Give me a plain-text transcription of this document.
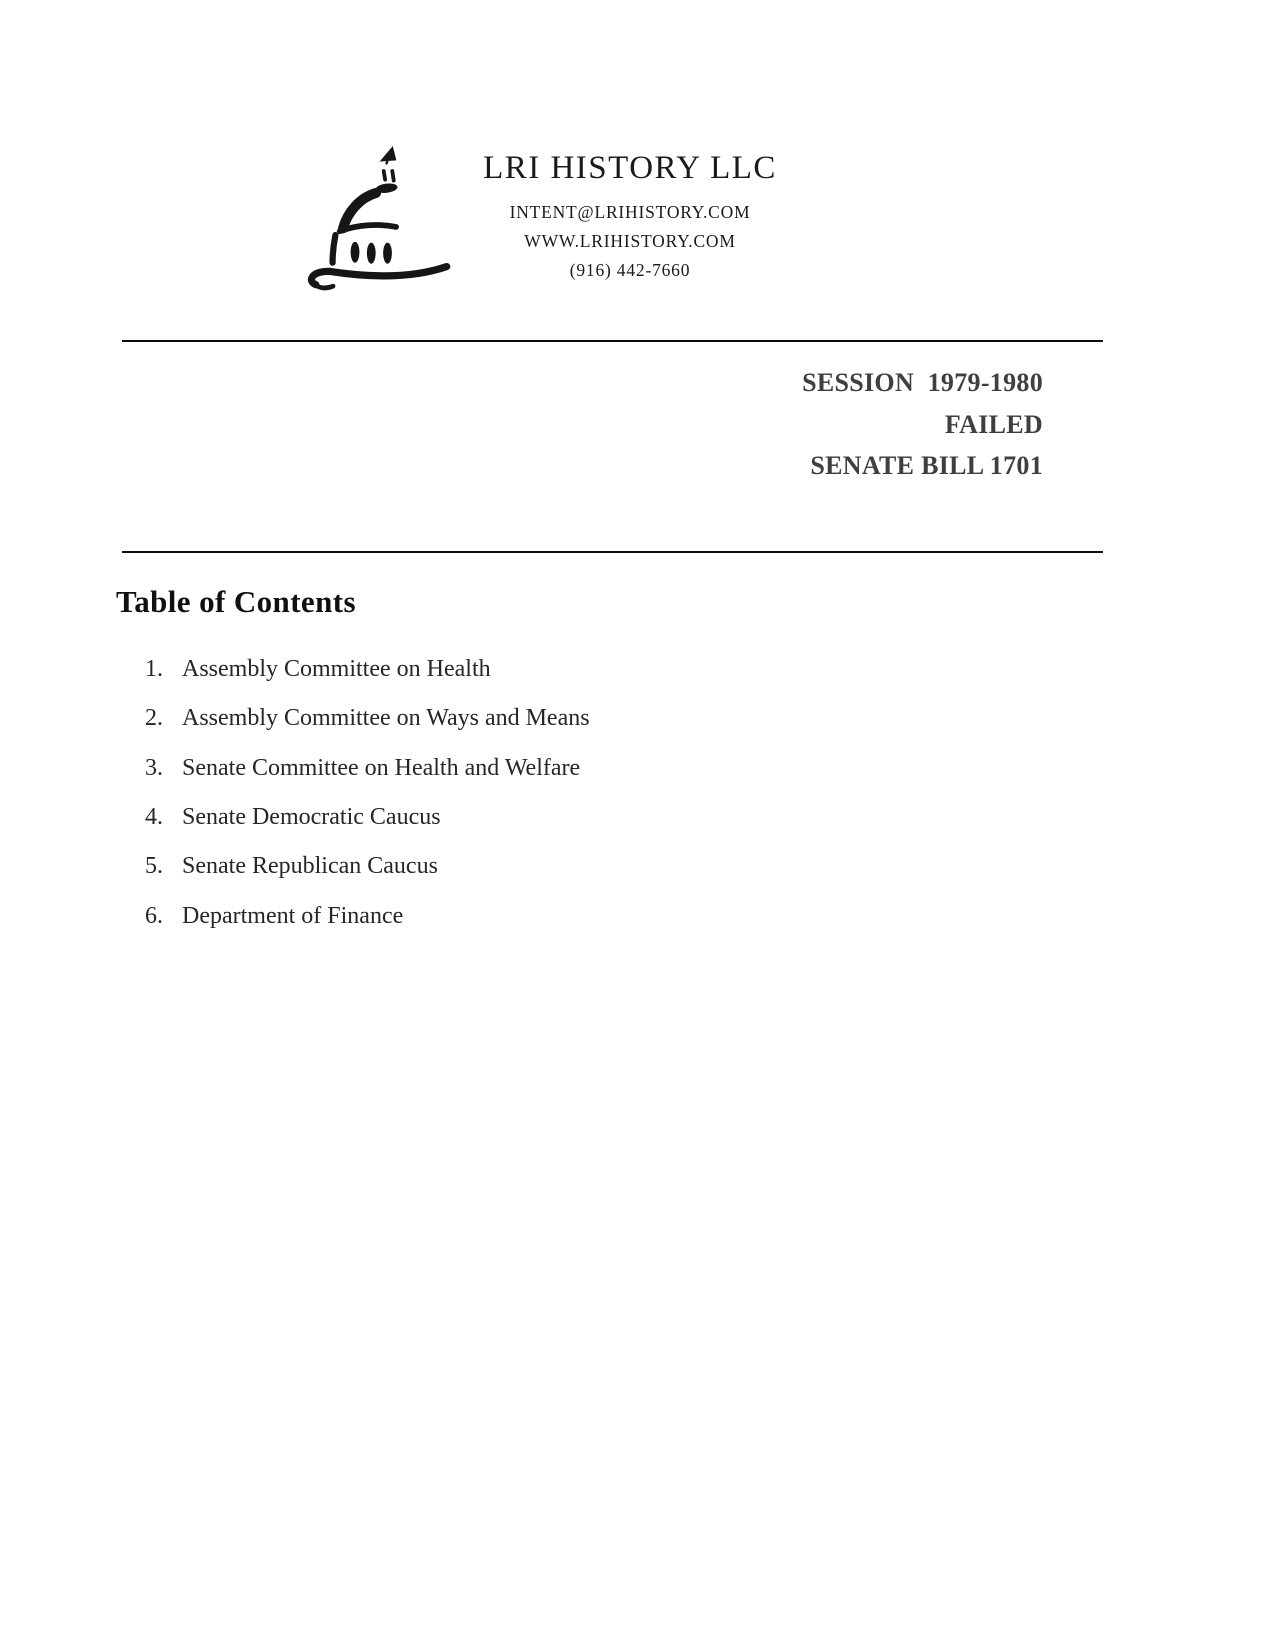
LRI HISTORY LLC
INTENT@LRIHISTORY.COM
WWW.LRIHISTORY.COM
(916) 442-7660
SESSION  1979-1980
FAILED
SENATE BILL 1701
Table of Contents
1. Assembly Committee on Health
2. Assembly Committee on Ways and Means
3. Senate Committee on Health and Welfare
4. Senate Democratic Caucus
5. Senate Republican Caucus
6. Department of Finance
